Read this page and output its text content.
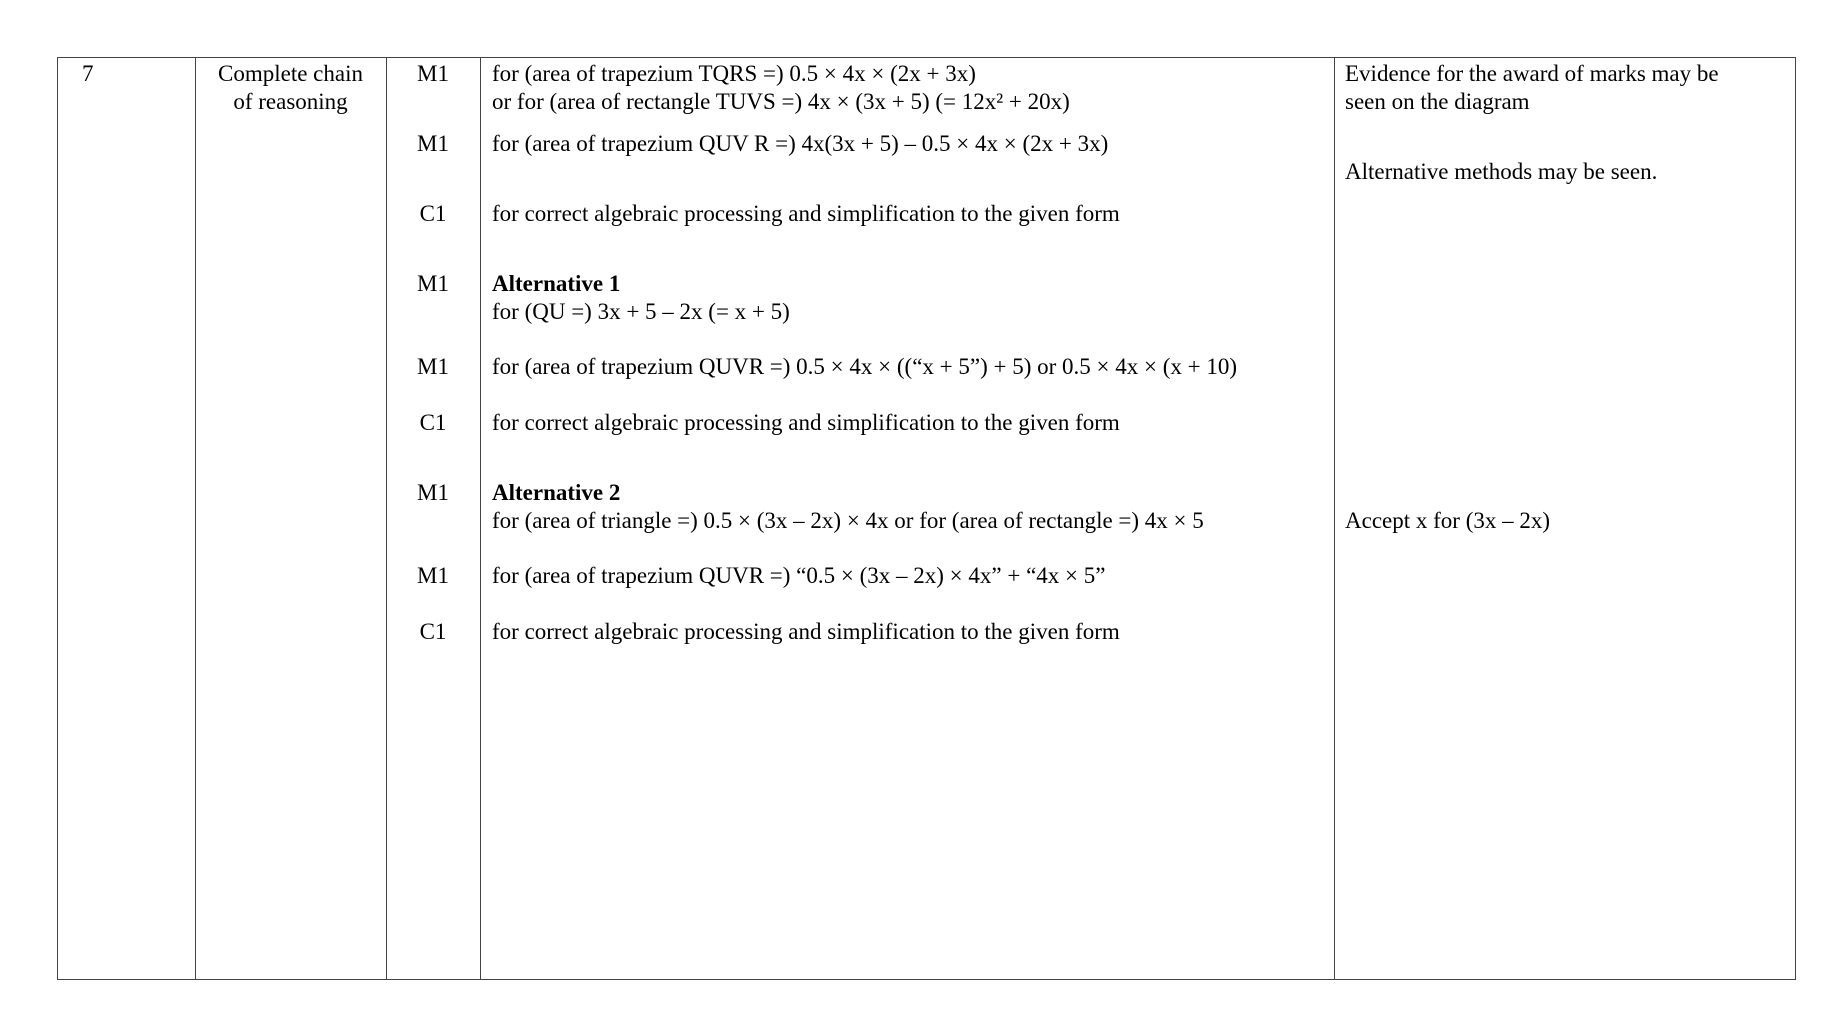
7	Complete chain
of reasoning
M1
M1
C1
M1
M1
C1
M1
M1
C1
for (area of trapezium TQRS =) 0.5 × 4x × (2x + 3x)
or for (area of rectangle TUVS =) 4x × (3x + 5) (= 12x² + 20x)
for (area of trapezium QUV R =) 4x(3x + 5) – 0.5 × 4x × (2x + 3x)
for correct algebraic processing and simplification to the given form
Alternative 1
for (QU =) 3x + 5 – 2x (= x + 5)
for (area of trapezium QUVR =) 0.5 × 4x × ((“x + 5”) + 5) or 0.5 × 4x × (x + 10)
for correct algebraic processing and simplification to the given form
Alternative 2
for (area of triangle =) 0.5 × (3x – 2x) × 4x or for (area of rectangle =) 4x × 5
for (area of trapezium QUVR =) “0.5 × (3x – 2x) × 4x” + “4x × 5”
for correct algebraic processing and simplification to the given form
Evidence for the award of marks may be
seen on the diagram
Alternative methods may be seen.
Accept x for (3x – 2x)
